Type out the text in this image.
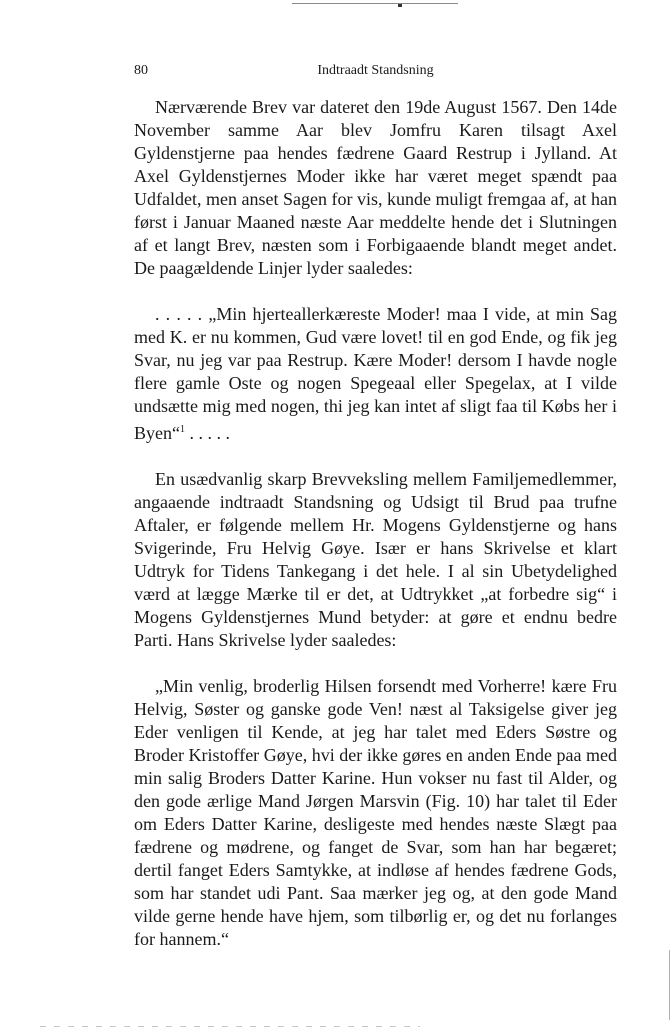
80	Indtraadt Standsning

Nærværende Brev var dateret den 19de August 1567. Den 14de November samme Aar blev Jomfru Karen tilsagt Axel Gyldenstjerne paa hendes fædrene Gaard Restrup i Jylland. At Axel Gyldenstjernes Moder ikke har været meget spændt paa Udfaldet, men anset Sagen for vis, kunde muligt fremgaa af, at han først i Januar Maaned næste Aar meddelte hende det i Slutningen af et langt Brev, næsten som i Forbigaaende blandt meget andet. De paagældende Linjer lyder saaledes:

. . . . . „Min hjerteallerkæreste Moder! maa I vide, at min Sag med K. er nu kommen, Gud være lovet! til en god Ende, og fik jeg Svar, nu jeg var paa Restrup. Kære Moder! dersom I havde nogle flere gamle Oste og nogen Spegeaal eller Spegelax, at I vilde undsætte mig med nogen, thi jeg kan intet af sligt faa til Købs her i Byen“$^1$ . . . . .

En usædvanlig skarp Brevveksling mellem Familjemedlemmer, angaaende indtraadt Standsning og Udsigt til Brud paa trufne Aftaler, er følgende mellem Hr. Mogens Gyldenstjerne og hans Svigerinde, Fru Helvig Gøye. Især er hans Skrivelse et klart Udtryk for Tidens Tankegang i det hele. I al sin Ubetydelighed værd at lægge Mærke til er det, at Udtrykket „at forbedre sig“ i Mogens Gyldenstjernes Mund betyder: at gøre et endnu bedre Parti. Hans Skrivelse lyder saaledes:

„Min venlig, broderlig Hilsen forsendt med Vorherre! kære Fru Helvig, Søster og ganske gode Ven! næst al Taksigelse giver jeg Eder venligen til Kende, at jeg har talet med Eders Søstre og Broder Kristoffer Gøye, hvi der ikke gøres en anden Ende paa med min salig Broders Datter Karine. Hun vokser nu fast til Alder, og den gode ærlige Mand Jørgen Marsvin (Fig. 10) har talet til Eder om Eders Datter Karine, desligeste med hendes næste Slægt paa fædrene og mødrene, og fanget de Svar, som han har begæret; dertil fanget Eders Samtykke, at indløse af hendes fædrene Gods, som har standet udi Pant. Saa mærker jeg og, at den gode Mand vilde gerne hende have hjem, som tilbørlig er, og det nu forlanges for hannem.“
